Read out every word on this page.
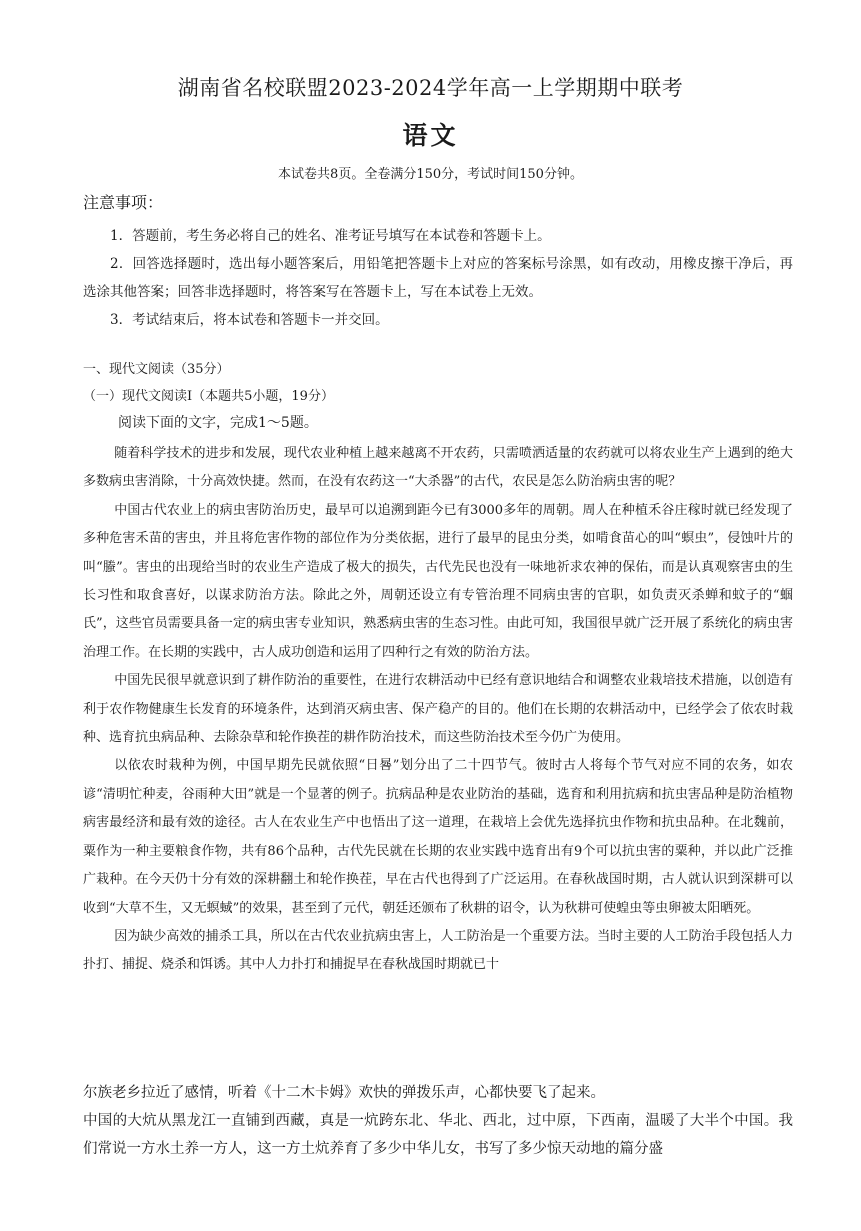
湖南省名校联盟2023-2024学年高一上学期期中联考
语文
本试卷共8页。全卷满分150分，考试时间150分钟。
注意事项：

1．答题前，考生务必将自己的姓名、准考证号填写在本试卷和答题卡上。

2．回答选择题时，选出每小题答案后，用铅笔把答题卡上对应的答案标号涂黑，如有改动，用橡皮擦干净后，再选涂其他答案；回答非选择题时，将答案写在答题卡上，写在本试卷上无效。

3．考试结束后，将本试卷和答题卡一并交回。

一、现代文阅读（35分）
（一）现代文阅读Ⅰ（本题共5小题，19分）
阅读下面的文字，完成1～5题。

随着科学技术的进步和发展，现代农业种植上越来越离不开农药，只需喷洒适量的农药就可以将农业生产上遇到的绝大多数病虫害消除，十分高效快捷。然而，在没有农药这一“大杀器”的古代，农民是怎么防治病虫害的呢？

中国古代农业上的病虫害防治历史，最早可以追溯到距今已有3000多年的周朝。周人在种植禾谷庄稼时就已经发现了多种危害禾苗的害虫，并且将危害作物的部位作为分类依据，进行了最早的昆虫分类，如啃食苗心的叫“螟虫”，侵蚀叶片的叫“螣”。害虫的出现给当时的农业生产造成了极大的损失，古代先民也没有一味地祈求农神的保佑，而是认真观察害虫的生长习性和取食喜好，以谋求防治方法。除此之外，周朝还设立有专管治理不同病虫害的官职，如负责灭杀蝉和蚊子的“蝈氏”，这些官员需要具备一定的病虫害专业知识，熟悉病虫害的生态习性。由此可知，我国很早就广泛开展了系统化的病虫害治理工作。在长期的实践中，古人成功创造和运用了四种行之有效的防治方法。

中国先民很早就意识到了耕作防治的重要性，在进行农耕活动中已经有意识地结合和调整农业栽培技术措施，以创造有利于农作物健康生长发育的环境条件，达到消灭病虫害、保产稳产的目的。他们在长期的农耕活动中，已经学会了依农时栽种、选育抗虫病品种、去除杂草和轮作换茬的耕作防治技术，而这些防治技术至今仍广为使用。

以依农时栽种为例，中国早期先民就依照“日晷”划分出了二十四节气。彼时古人将每个节气对应不同的农务，如农谚“清明忙种麦，谷雨种大田”就是一个显著的例子。抗病品种是农业防治的基础，选育和利用抗病和抗虫害品种是防治植物病害最经济和最有效的途径。古人在农业生产中也悟出了这一道理，在栽培上会优先选择抗虫作物和抗虫品种。在北魏前，粟作为一种主要粮食作物，共有86个品种，古代先民就在长期的农业实践中选育出有9个可以抗虫害的粟种，并以此广泛推广栽种。在今天仍十分有效的深耕翻土和轮作换茬，早在古代也得到了广泛运用。在春秋战国时期，古人就认识到深耕可以收到“大草不生，又无螟蜮”的效果，甚至到了元代，朝廷还颁布了秋耕的诏令，认为秋耕可使蝗虫等虫卵被太阳晒死。

因为缺少高效的捕杀工具，所以在古代农业抗病虫害上，人工防治是一个重要方法。当时主要的人工防治手段包括人力扑打、捕捉、烧杀和饵诱。其中人力扑打和捕捉早在春秋战国时期就已十

尔族老乡拉近了感情，听着《十二木卡姆》欢快的弹拨乐声，心都快要飞了起来。

中国的大炕从黑龙江一直铺到西藏，真是一炕跨东北、华北、西北，过中原，下西南，温暖了大半个中国。我们常说一方水土养一方人，这一方土炕养育了多少中华儿女，书写了多少惊天动地的篇分盛
